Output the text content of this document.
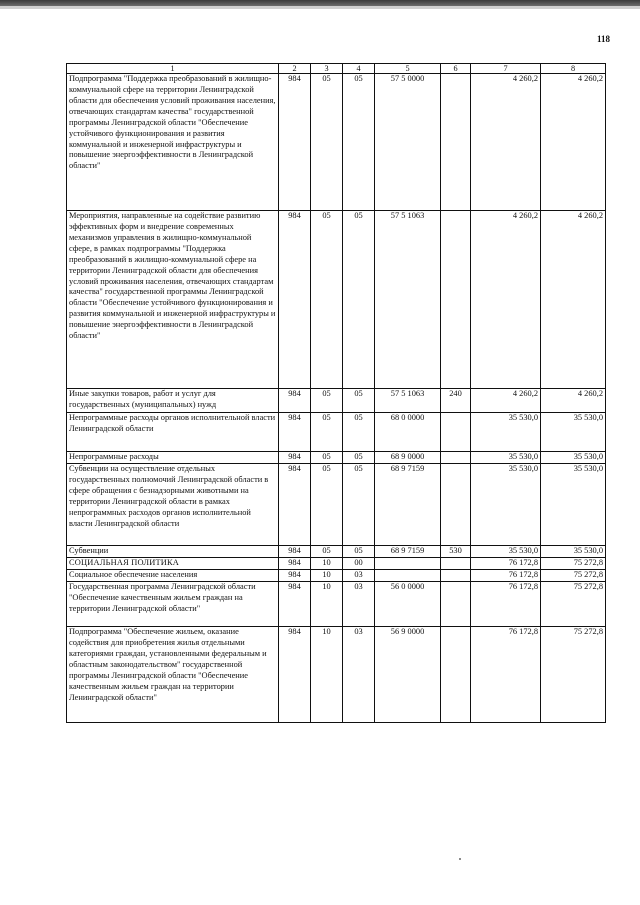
118
1	2	3	4	5	6	7	8
Подпрограмма "Поддержка преобразований в жилищно-коммунальной сфере на территории Ленинградской области для обеспечения условий проживания населения, отвечающих стандартам качества" государственной программы Ленинградской области "Обеспечение устойчивого функционирования и развития коммунальной и инженерной инфраструктуры и повышение энергоэффективности в Ленинградской области"	984	05	05	57 5 0000		4 260,2	4 260,2
Мероприятия, направленные на содействие развитию эффективных форм и внедрение современных механизмов управления в жилищно-коммунальной сфере, в рамках подпрограммы "Поддержка преобразований в жилищно-коммунальной сфере на территории Ленинградской области для обеспечения условий проживания населения, отвечающих стандартам качества" государственной программы Ленинградской области "Обеспечение устойчивого функционирования и развития коммунальной и инженерной инфраструктуры и повышение энергоэффективности в Ленинградской области"	984	05	05	57 5 1063		4 260,2	4 260,2
Иные закупки товаров, работ и услуг для государственных (муниципальных) нужд	984	05	05	57 5 1063	240	4 260,2	4 260,2
Непрограммные расходы органов исполнительной власти Ленинградской области	984	05	05	68 0 0000		35 530,0	35 530,0
Непрограммные расходы	984	05	05	68 9 0000		35 530,0	35 530,0
Субвенции на осуществление отдельных государственных полномочий Ленинградской области в сфере обращения с безнадзорными животными на территории Ленинградской области в рамках непрограммных расходов органов исполнительной власти Ленинградской области	984	05	05	68 9 7159		35 530,0	35 530,0
Субвенции	984	05	05	68 9 7159	530	35 530,0	35 530,0
СОЦИАЛЬНАЯ ПОЛИТИКА	984	10	00			76 172,8	75 272,8
Социальное обеспечение населения	984	10	03			76 172,8	75 272,8
Государственная программа Ленинградской области "Обеспечение качественным жильем граждан на территории Ленинградской области"	984	10	03	56 0 0000		76 172,8	75 272,8
Подпрограмма "Обеспечение жильем, оказание содействия для приобретения жилья отдельными категориями граждан, установленными федеральным и областным законодательством" государственной программы Ленинградской области "Обеспечение качественным жильем граждан на территории Ленинградской области"	984	10	03	56 9 0000		76 172,8	75 272,8
